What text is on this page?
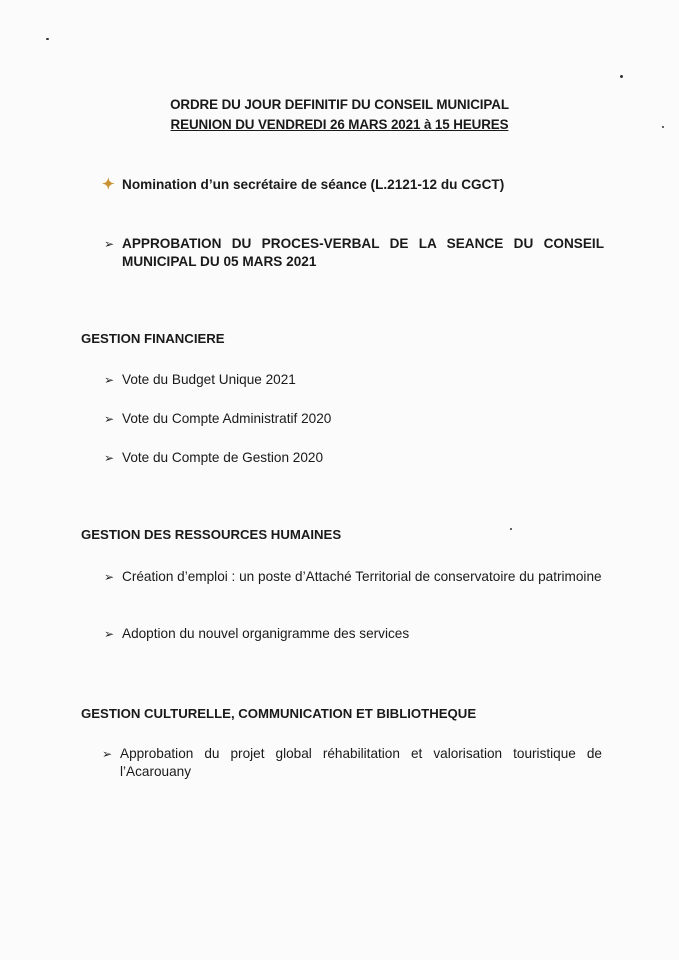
ORDRE DU JOUR DEFINITIF DU CONSEIL MUNICIPAL
REUNION DU VENDREDI 26 MARS 2021 à 15 HEURES
✦ Nomination d’un secrétaire de séance (L.2121-12 du CGCT)
➢ APPROBATION DU PROCES-VERBAL DE LA SEANCE DU CONSEIL MUNICIPAL DU 05 MARS 2021
GESTION FINANCIERE
➢ Vote du Budget Unique 2021
➢ Vote du Compte Administratif 2020
➢ Vote du Compte de Gestion 2020
GESTION DES RESSOURCES HUMAINES
➢ Création d’emploi : un poste d’Attaché Territorial de conservatoire du patrimoine
➢ Adoption du nouvel organigramme des services
GESTION CULTURELLE, COMMUNICATION ET BIBLIOTHEQUE
➢ Approbation du projet global réhabilitation et valorisation touristique de l’Acarouany
